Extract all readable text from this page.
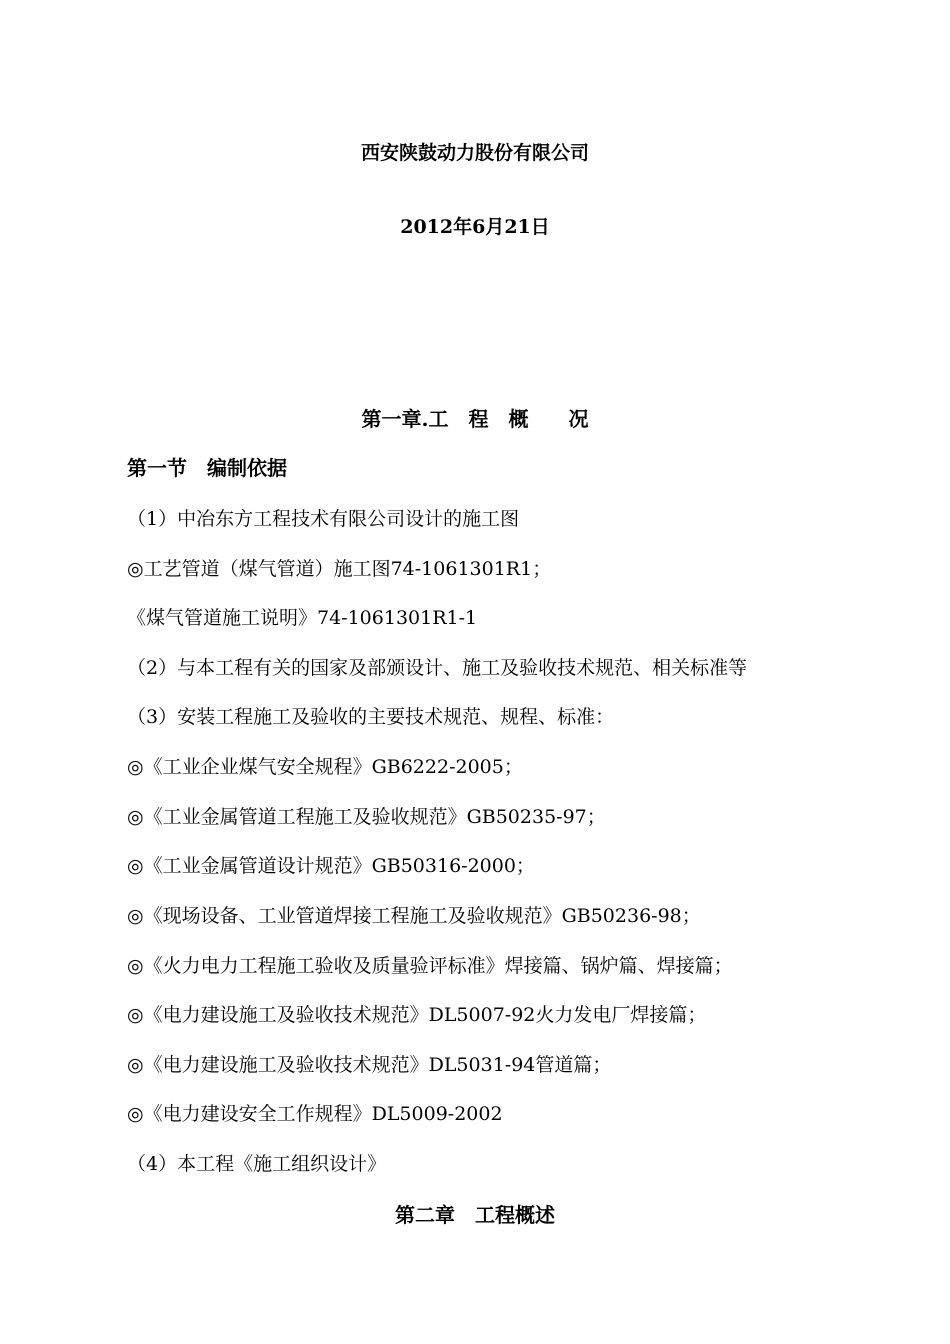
西安陕鼓动力股份有限公司
2012年6月21日
第一章.工　程　概　　况
第一节　编制依据
（1）中冶东方工程技术有限公司设计的施工图
◎工艺管道（煤气管道）施工图74-1061301R1；
《煤气管道施工说明》74-1061301R1-1
（2）与本工程有关的国家及部颁设计、施工及验收技术规范、相关标准等
（3）安装工程施工及验收的主要技术规范、规程、标准：
◎《工业企业煤气安全规程》GB6222-2005；
◎《工业金属管道工程施工及验收规范》GB50235-97；
◎《工业金属管道设计规范》GB50316-2000；
◎《现场设备、工业管道焊接工程施工及验收规范》GB50236-98；
◎《火力电力工程施工验收及质量验评标准》焊接篇、锅炉篇、焊接篇；
◎《电力建设施工及验收技术规范》DL5007-92火力发电厂焊接篇；
◎《电力建设施工及验收技术规范》DL5031-94管道篇；
◎《电力建设安全工作规程》DL5009-2002
（4）本工程《施工组织设计》
第二章　工程概述
